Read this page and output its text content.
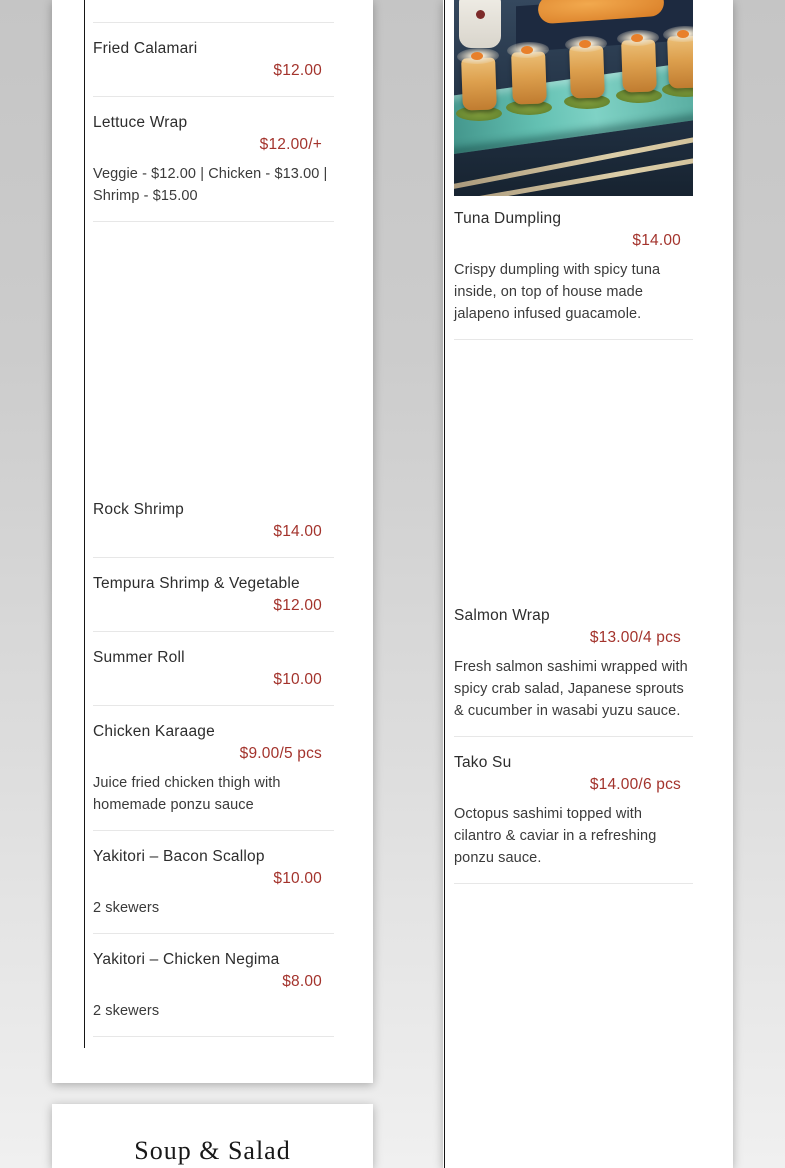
Fried Calamari
$12.00
Lettuce Wrap
$12.00/+
Veggie - $12.00 | Chicken - $13.00 | Shrimp - $15.00
Rock Shrimp
$14.00
Tempura Shrimp & Vegetable
$12.00
Summer Roll
$10.00
Chicken Karaage
$9.00/5 pcs
Juice fried chicken thigh with homemade ponzu sauce
Yakitori – Bacon Scallop
$10.00
2 skewers
Yakitori – Chicken Negima
$8.00
2 skewers
Soup & Salad
Tuna Dumpling
$14.00
Crispy dumpling with spicy tuna inside, on top of house made jalapeno infused guacamole.
Salmon Wrap
$13.00/4 pcs
Fresh salmon sashimi wrapped with spicy crab salad, Japanese sprouts & cucumber in wasabi yuzu sauce.
Tako Su
$14.00/6 pcs
Octopus sashimi topped with cilantro & caviar in a refreshing ponzu sauce.
